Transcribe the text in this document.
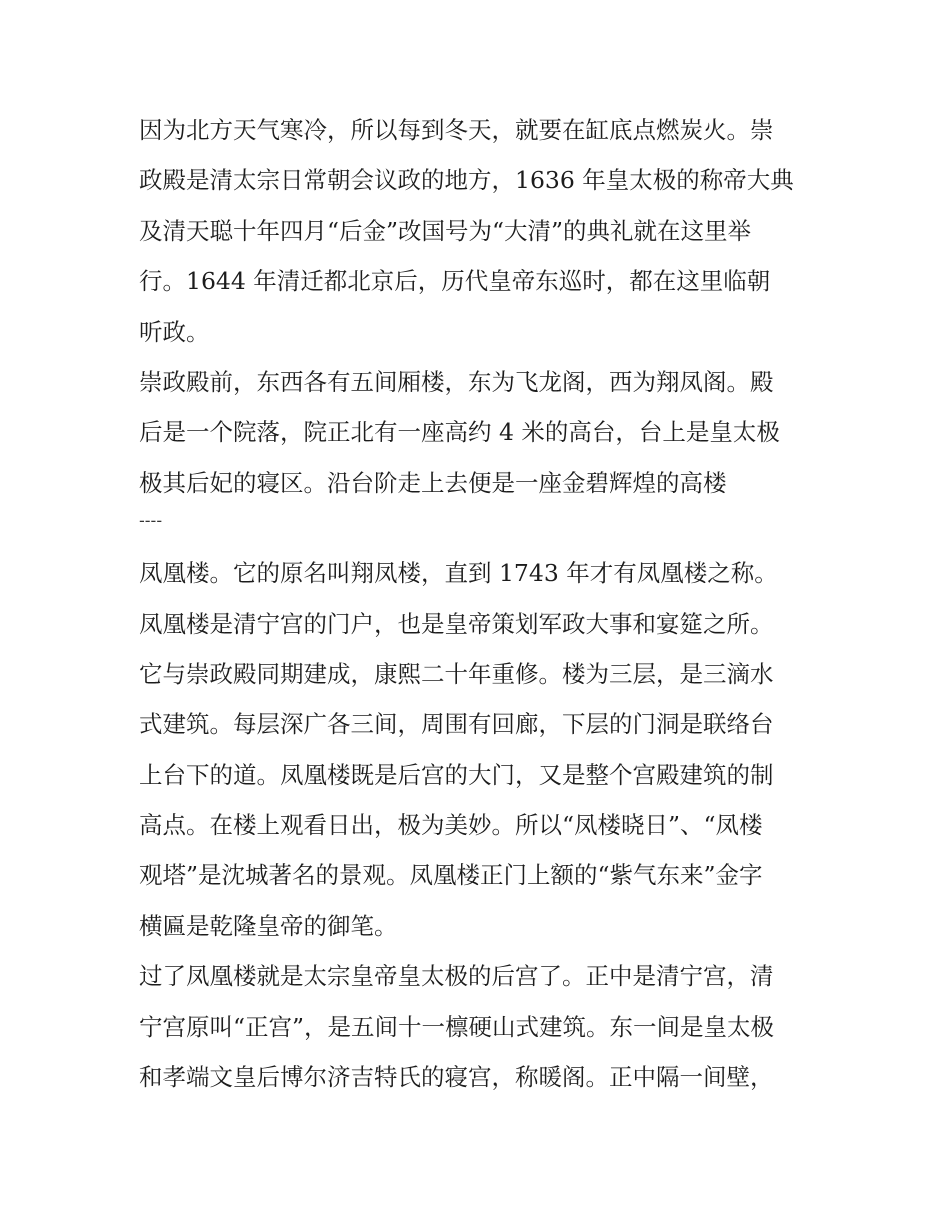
因为北方天气寒冷，所以每到冬天，就要在缸底点燃炭火。崇
政殿是清太宗日常朝会议政的地方，1636 年皇太极的称帝大典
及清天聪十年四月“后金”改国号为“大清”的典礼就在这里举
行。1644 年清迁都北京后，历代皇帝东巡时，都在这里临朝
听政。
崇政殿前，东西各有五间厢楼，东为飞龙阁，西为翔凤阁。殿
后是一个院落，院正北有一座高约 4 米的高台，台上是皇太极
极其后妃的寝区。沿台阶走上去便是一座金碧辉煌的高楼
----
凤凰楼。它的原名叫翔凤楼，直到 1743 年才有凤凰楼之称。
凤凰楼是清宁宫的门户，也是皇帝策划军政大事和宴筵之所。
它与崇政殿同期建成，康熙二十年重修。楼为三层，是三滴水
式建筑。每层深广各三间，周围有回廊，下层的门洞是联络台
上台下的道。凤凰楼既是后宫的大门，又是整个宫殿建筑的制
高点。在楼上观看日出，极为美妙。所以“凤楼晓日”、“凤楼
观塔”是沈城著名的景观。凤凰楼正门上额的“紫气东来”金字
横匾是乾隆皇帝的御笔。
过了凤凰楼就是太宗皇帝皇太极的后宫了。正中是清宁宫，清
宁宫原叫“正宫”，是五间十一檩硬山式建筑。东一间是皇太极
和孝端文皇后博尔济吉特氏的寝宫，称暖阁。正中隔一间壁，
